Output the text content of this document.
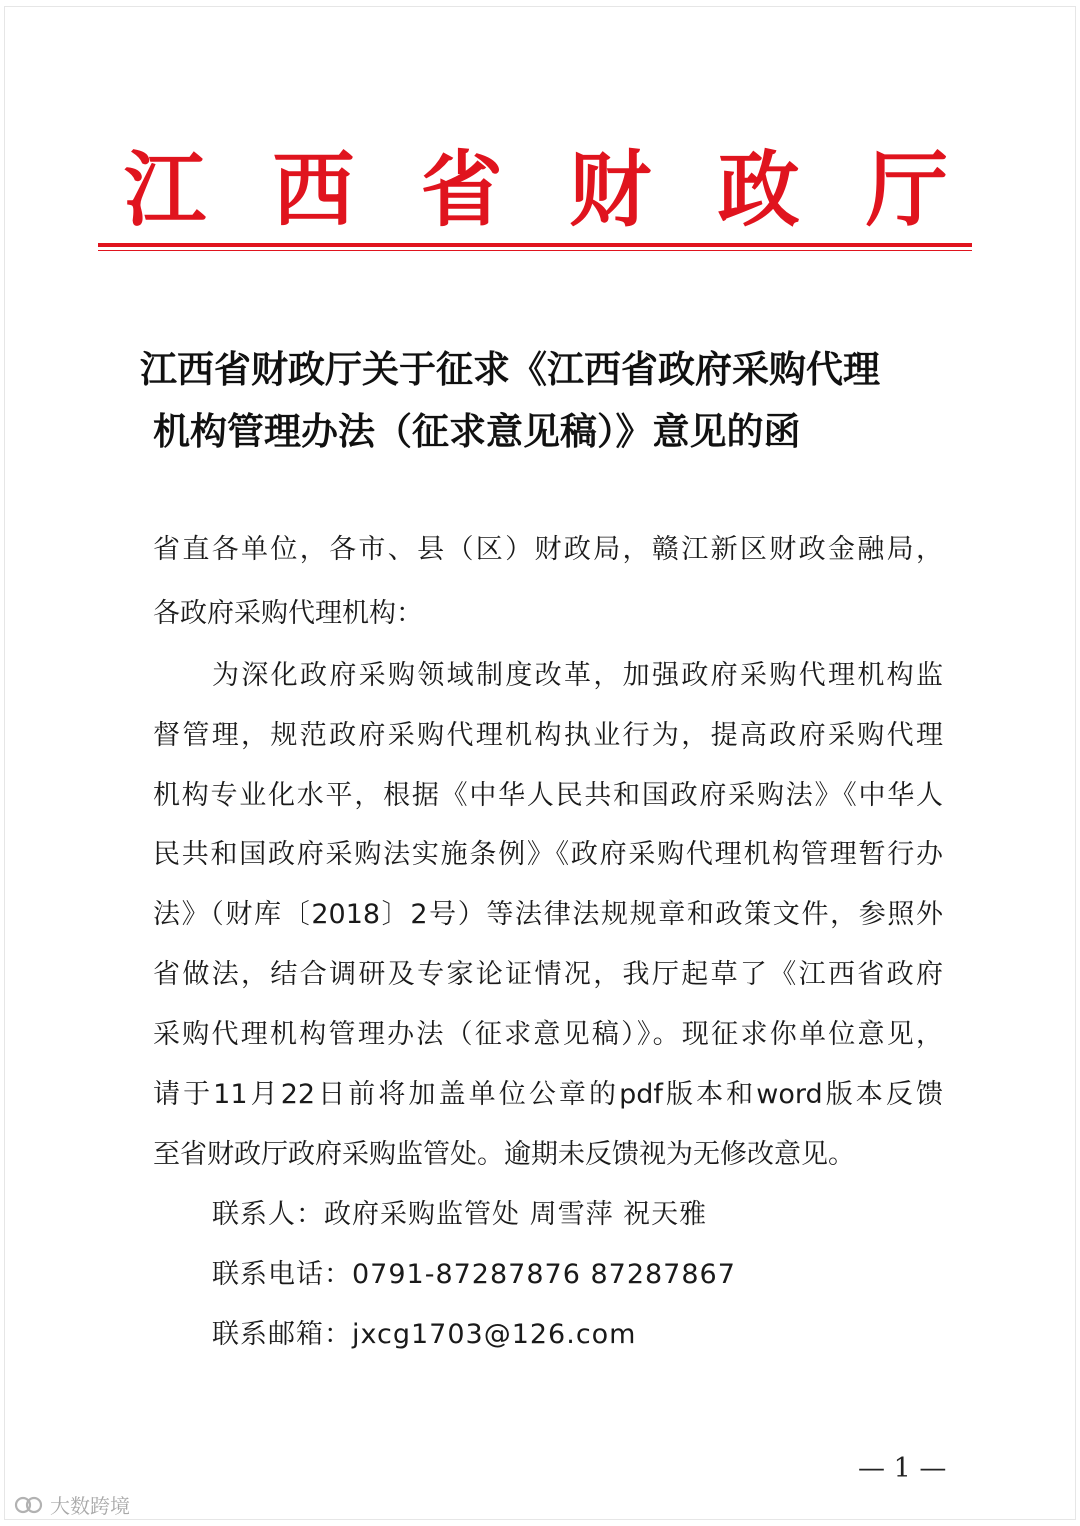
江 西 省 财 政 厅
江西省财政厅关于征求《江西省政府采购代理
机构管理办法（征求意见稿）》意见的函
省直各单位，各市、县（区）财政局，赣江新区财政金融局，
各政府采购代理机构：
为深化政府采购领域制度改革，加强政府采购代理机构监
督管理，规范政府采购代理机构执业行为，提高政府采购代理
机构专业化水平，根据《中华人民共和国政府采购法》《中华人
民共和国政府采购法实施条例》《政府采购代理机构管理暂行办
法》（财库〔2018〕2号）等法律法规规章和政策文件，参照外
省做法，结合调研及专家论证情况，我厅起草了《江西省政府
采购代理机构管理办法（征求意见稿）》。现征求你单位意见，
请于11月22日前将加盖单位公章的pdf版本和word版本反馈
至省财政厅政府采购监管处。逾期未反馈视为无修改意见。
联系人：政府采购监管处 周雪萍 祝天雅
联系电话：0791-87287876 87287867
联系邮箱：jxcg1703@126.com
— 1 —
大数跨境
